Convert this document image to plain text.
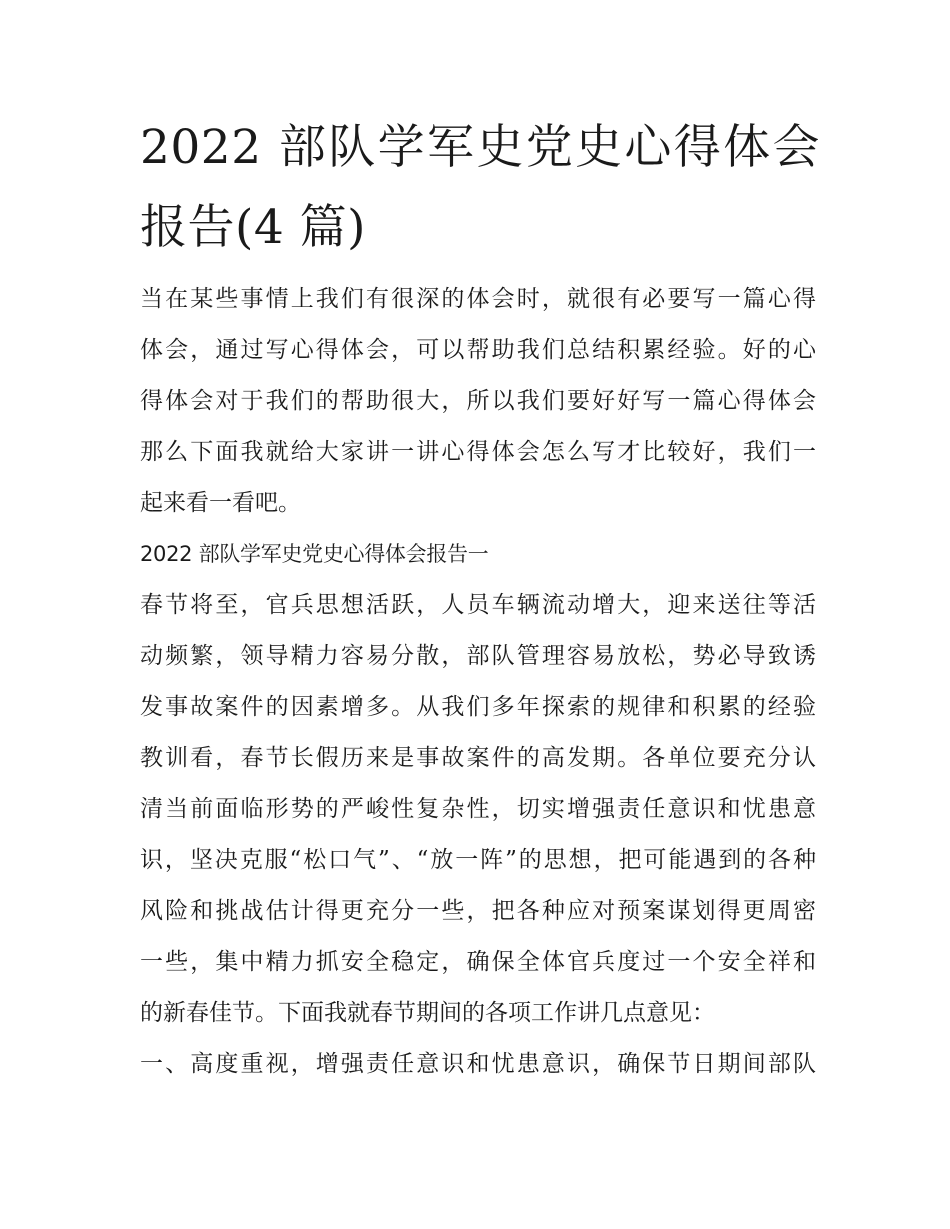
2022 部队学军史党史心得体会
报告(4 篇)
当在某些事情上我们有很深的体会时，就很有必要写一篇心得
体会，通过写心得体会，可以帮助我们总结积累经验。好的心
得体会对于我们的帮助很大，所以我们要好好写一篇心得体会
那么下面我就给大家讲一讲心得体会怎么写才比较好，我们一
起来看一看吧。
2022 部队学军史党史心得体会报告一
春节将至，官兵思想活跃，人员车辆流动增大，迎来送往等活
动频繁，领导精力容易分散，部队管理容易放松，势必导致诱
发事故案件的因素增多。从我们多年探索的规律和积累的经验
教训看，春节长假历来是事故案件的高发期。各单位要充分认
清当前面临形势的严峻性复杂性，切实增强责任意识和忧患意
识，坚决克服“松口气”、“放一阵”的思想，把可能遇到的各种
风险和挑战估计得更充分一些，把各种应对预案谋划得更周密
一些，集中精力抓安全稳定，确保全体官兵度过一个安全祥和
的新春佳节。下面我就春节期间的各项工作讲几点意见：
一、高度重视，增强责任意识和忧患意识，确保节日期间部队
